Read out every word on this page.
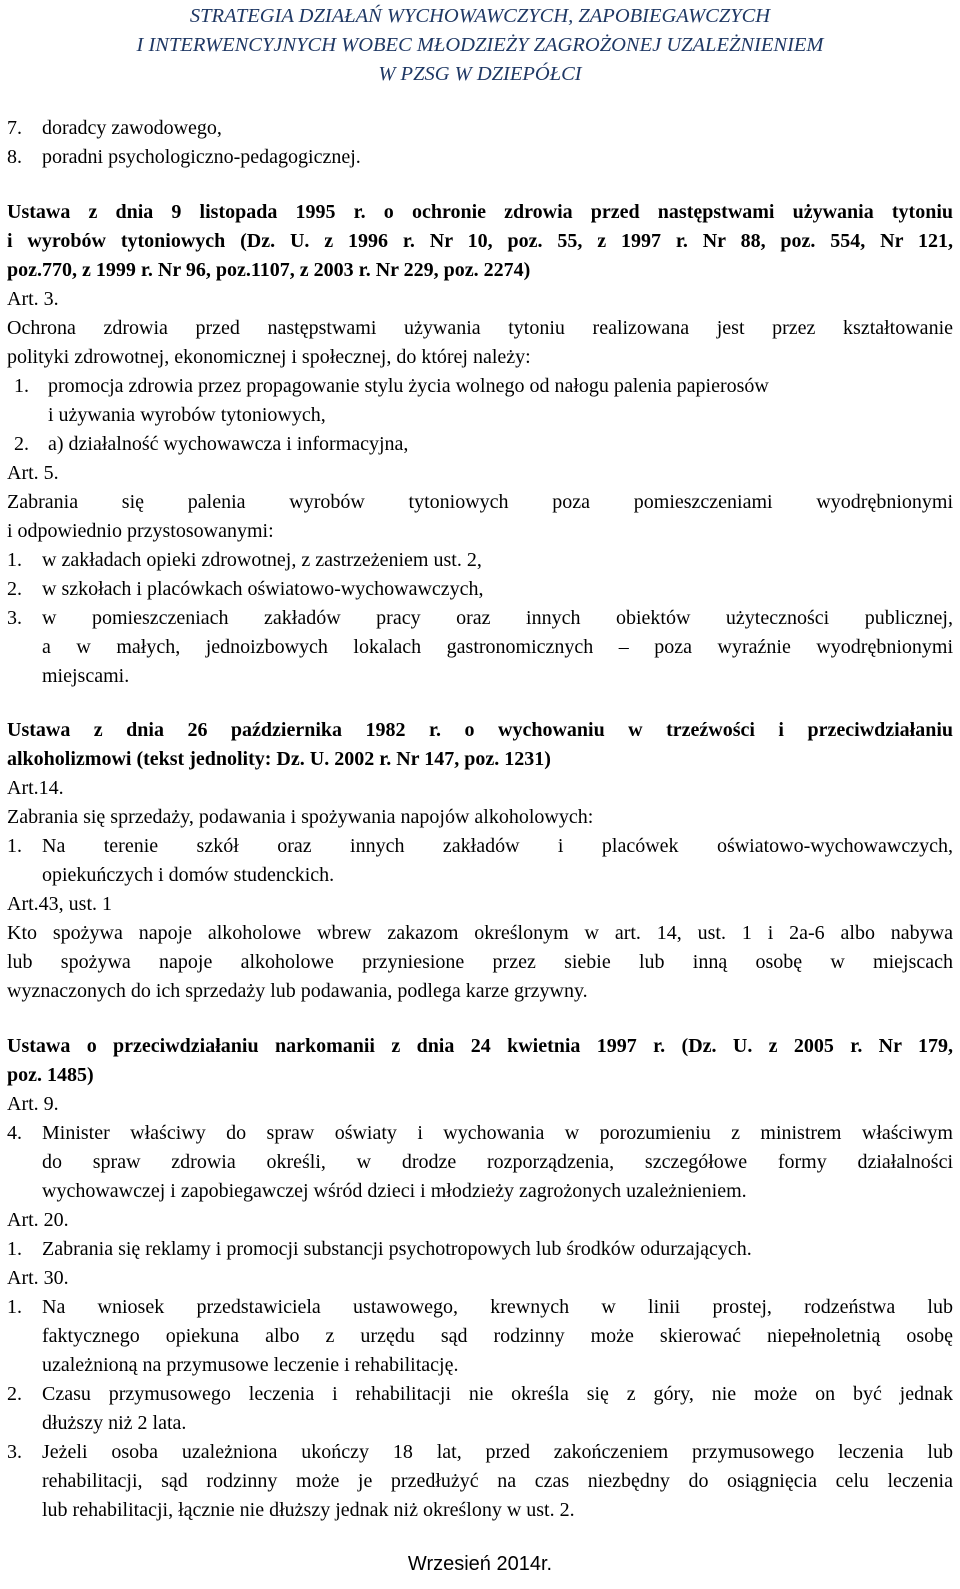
STRATEGIA DZIAŁAŃ WYCHOWAWCZYCH, ZAPOBIEGAWCZYCH
I INTERWENCYJNYCH WOBEC MŁODZIEŻY ZAGROŻONEJ UZALEŻNIENIEM
W PZSG W DZIEPÓŁCI
7. doradcy zawodowego,
8. poradni psychologiczno-pedagogicznej.
Ustawa z dnia 9 listopada 1995 r. o ochronie zdrowia przed następstwami używania tytoniu
i wyrobów tytoniowych (Dz. U. z 1996 r. Nr 10, poz. 55, z 1997 r. Nr 88, poz. 554, Nr 121,
poz.770, z 1999 r. Nr 96, poz.1107, z 2003 r. Nr 229, poz. 2274)
Art. 3.
Ochrona zdrowia przed następstwami używania tytoniu realizowana jest przez kształtowanie
polityki zdrowotnej, ekonomicznej i społecznej, do której należy:
1. promocja zdrowia przez propagowanie stylu życia wolnego od nałogu palenia papierosów
i używania wyrobów tytoniowych,
2. a) działalność wychowawcza i informacyjna,
Art. 5.
Zabrania się palenia wyrobów tytoniowych poza pomieszczeniami wyodrębnionymi
i odpowiednio przystosowanymi:
1. w zakładach opieki zdrowotnej, z zastrzeżeniem ust. 2,
2. w szkołach i placówkach oświatowo-wychowawczych,
3. w pomieszczeniach zakładów pracy oraz innych obiektów użyteczności publicznej,
a w małych, jednoizbowych lokalach gastronomicznych – poza wyraźnie wyodrębnionymi
miejscami.
Ustawa z dnia 26 października 1982 r. o wychowaniu w trzeźwości i przeciwdziałaniu
alkoholizmowi (tekst jednolity: Dz. U. 2002 r. Nr 147, poz. 1231)
Art.14.
Zabrania się sprzedaży, podawania i spożywania napojów alkoholowych:
1. Na terenie szkół oraz innych zakładów i placówek oświatowo-wychowawczych,
opiekuńczych i domów studenckich.
Art.43, ust. 1
Kto spożywa napoje alkoholowe wbrew zakazom określonym w art. 14, ust. 1 i 2a-6 albo nabywa
lub spożywa napoje alkoholowe przyniesione przez siebie lub inną osobę w miejscach
wyznaczonych do ich sprzedaży lub podawania, podlega karze grzywny.
Ustawa o przeciwdziałaniu narkomanii z dnia 24 kwietnia 1997 r. (Dz. U. z 2005 r. Nr 179,
poz. 1485)
Art. 9.
4. Minister właściwy do spraw oświaty i wychowania w porozumieniu z ministrem właściwym
do spraw zdrowia określi, w drodze rozporządzenia, szczegółowe formy działalności
wychowawczej i zapobiegawczej wśród dzieci i młodzieży zagrożonych uzależnieniem.
Art. 20.
1. Zabrania się reklamy i promocji substancji psychotropowych lub środków odurzających.
Art. 30.
1. Na wniosek przedstawiciela ustawowego, krewnych w linii prostej, rodzeństwa lub
faktycznego opiekuna albo z urzędu sąd rodzinny może skierować niepełnoletnią osobę
uzależnioną na przymusowe leczenie i rehabilitację.
2. Czasu przymusowego leczenia i rehabilitacji nie określa się z góry, nie może on być jednak
dłuższy niż 2 lata.
3. Jeżeli osoba uzależniona ukończy 18 lat, przed zakończeniem przymusowego leczenia lub
rehabilitacji, sąd rodzinny może je przedłużyć na czas niezbędny do osiągnięcia celu leczenia
lub rehabilitacji, łącznie nie dłuższy jednak niż określony w ust. 2.
Wrzesień 2014r.
